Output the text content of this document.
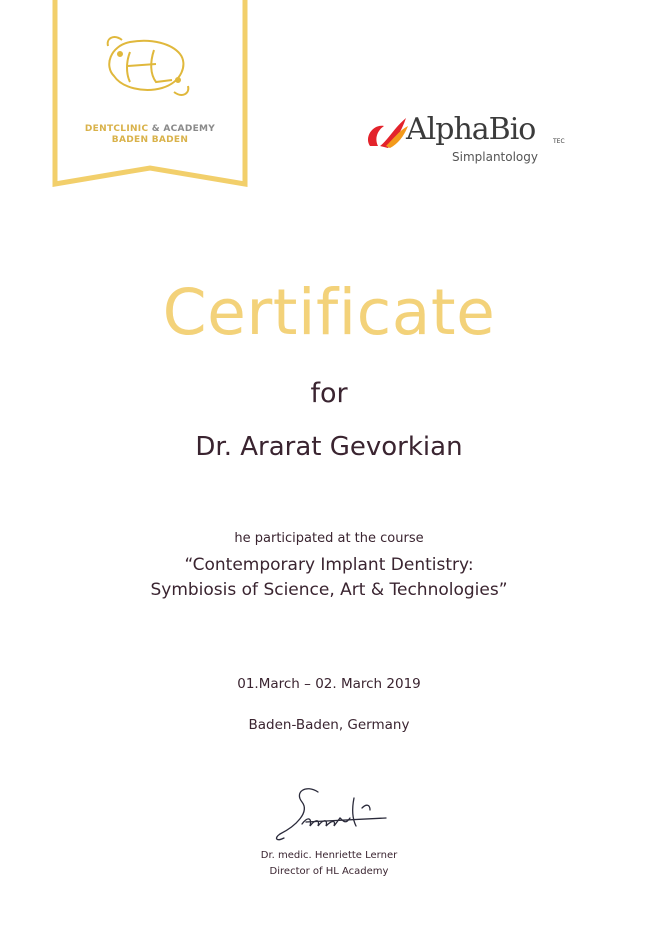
DENTCLINIC & ACADEMY
BADEN BADEN	AlphaBio	TEC
Simplantology
Certificate
for
Dr. Ararat Gevorkian
he participated at the course
“Contemporary Implant Dentistry:
Symbiosis of Science, Art & Technologies”
01.March – 02. March 2019
Baden-Baden, Germany
Dr. medic. Henriette Lerner
Director of HL Academy
